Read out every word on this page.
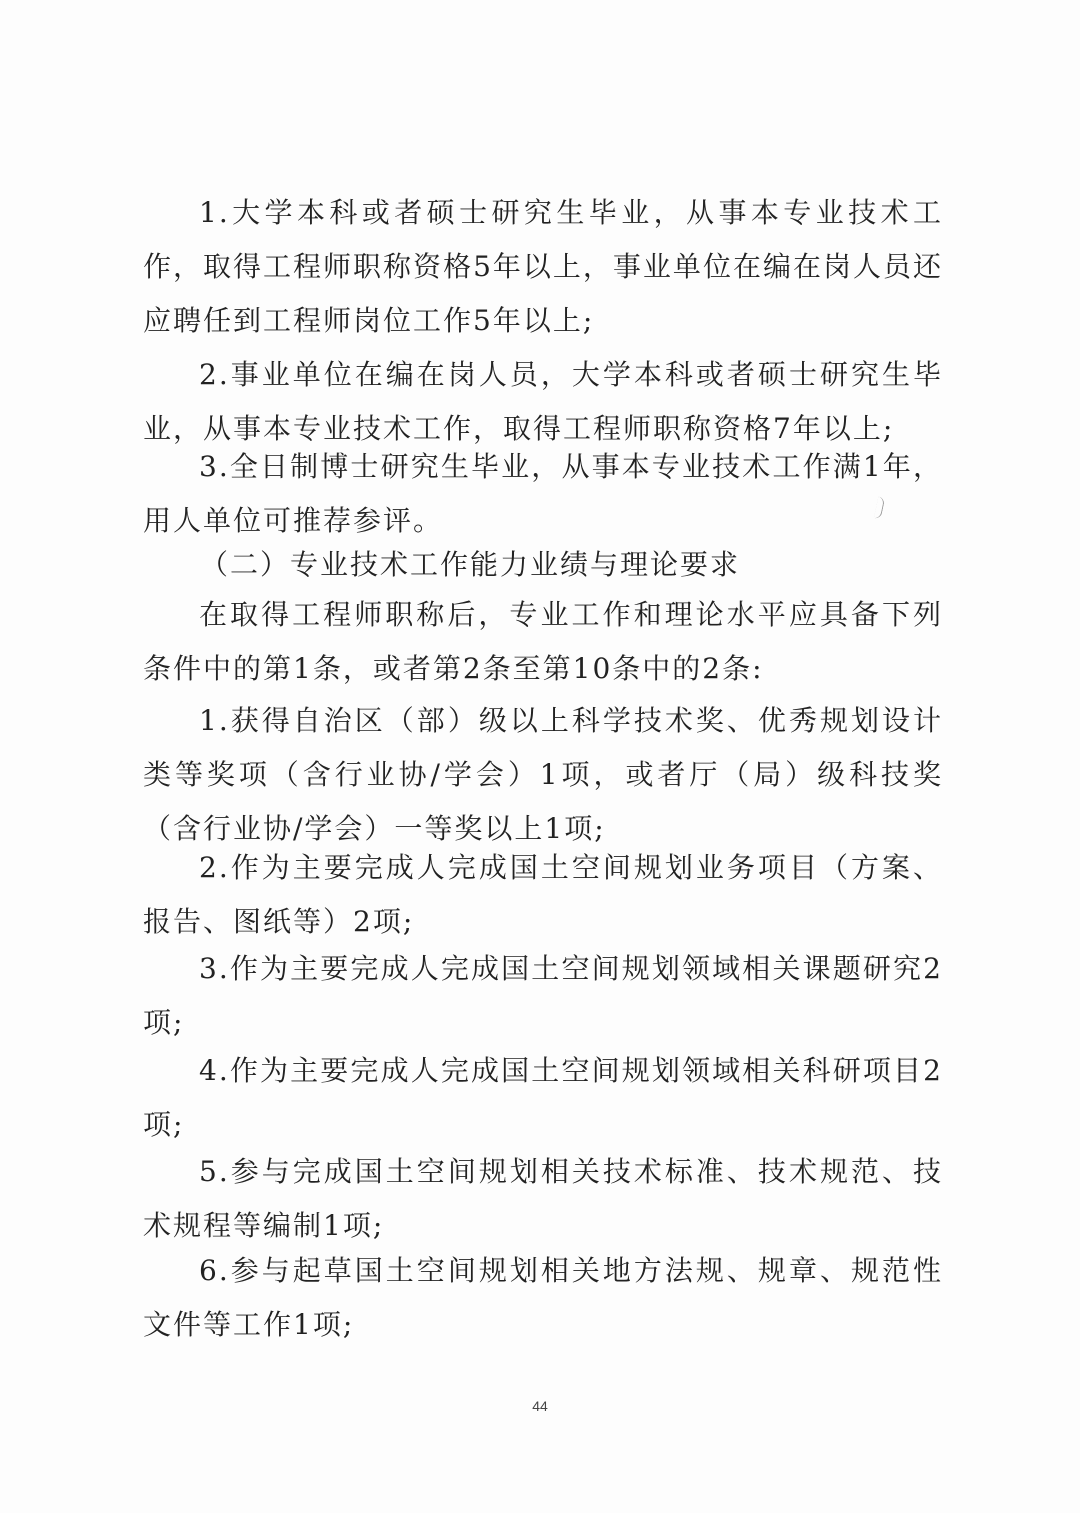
1.大学本科或者硕士研究生毕业，从事本专业技术工作，取得工程师职称资格5年以上，事业单位在编在岗人员还应聘任到工程师岗位工作5年以上;

2.事业单位在编在岗人员，大学本科或者硕士研究生毕业，从事本专业技术工作，取得工程师职称资格7年以上;

3.全日制博士研究生毕业，从事本专业技术工作满1年，用人单位可推荐参评。

（二）专业技术工作能力业绩与理论要求

在取得工程师职称后，专业工作和理论水平应具备下列条件中的第1条，或者第2条至第10条中的2条:

1.获得自治区（部）级以上科学技术奖、优秀规划设计类等奖项（含行业协/学会）1项，或者厅（局）级科技奖（含行业协/学会）一等奖以上1项;

2.作为主要完成人完成国土空间规划业务项目（方案、报告、图纸等）2项;

3.作为主要完成人完成国土空间规划领域相关课题研究2项;

4.作为主要完成人完成国土空间规划领域相关科研项目2项;

5.参与完成国土空间规划相关技术标准、技术规范、技术规程等编制1项;

6.参与起草国土空间规划相关地方法规、规章、规范性文件等工作1项;

44
